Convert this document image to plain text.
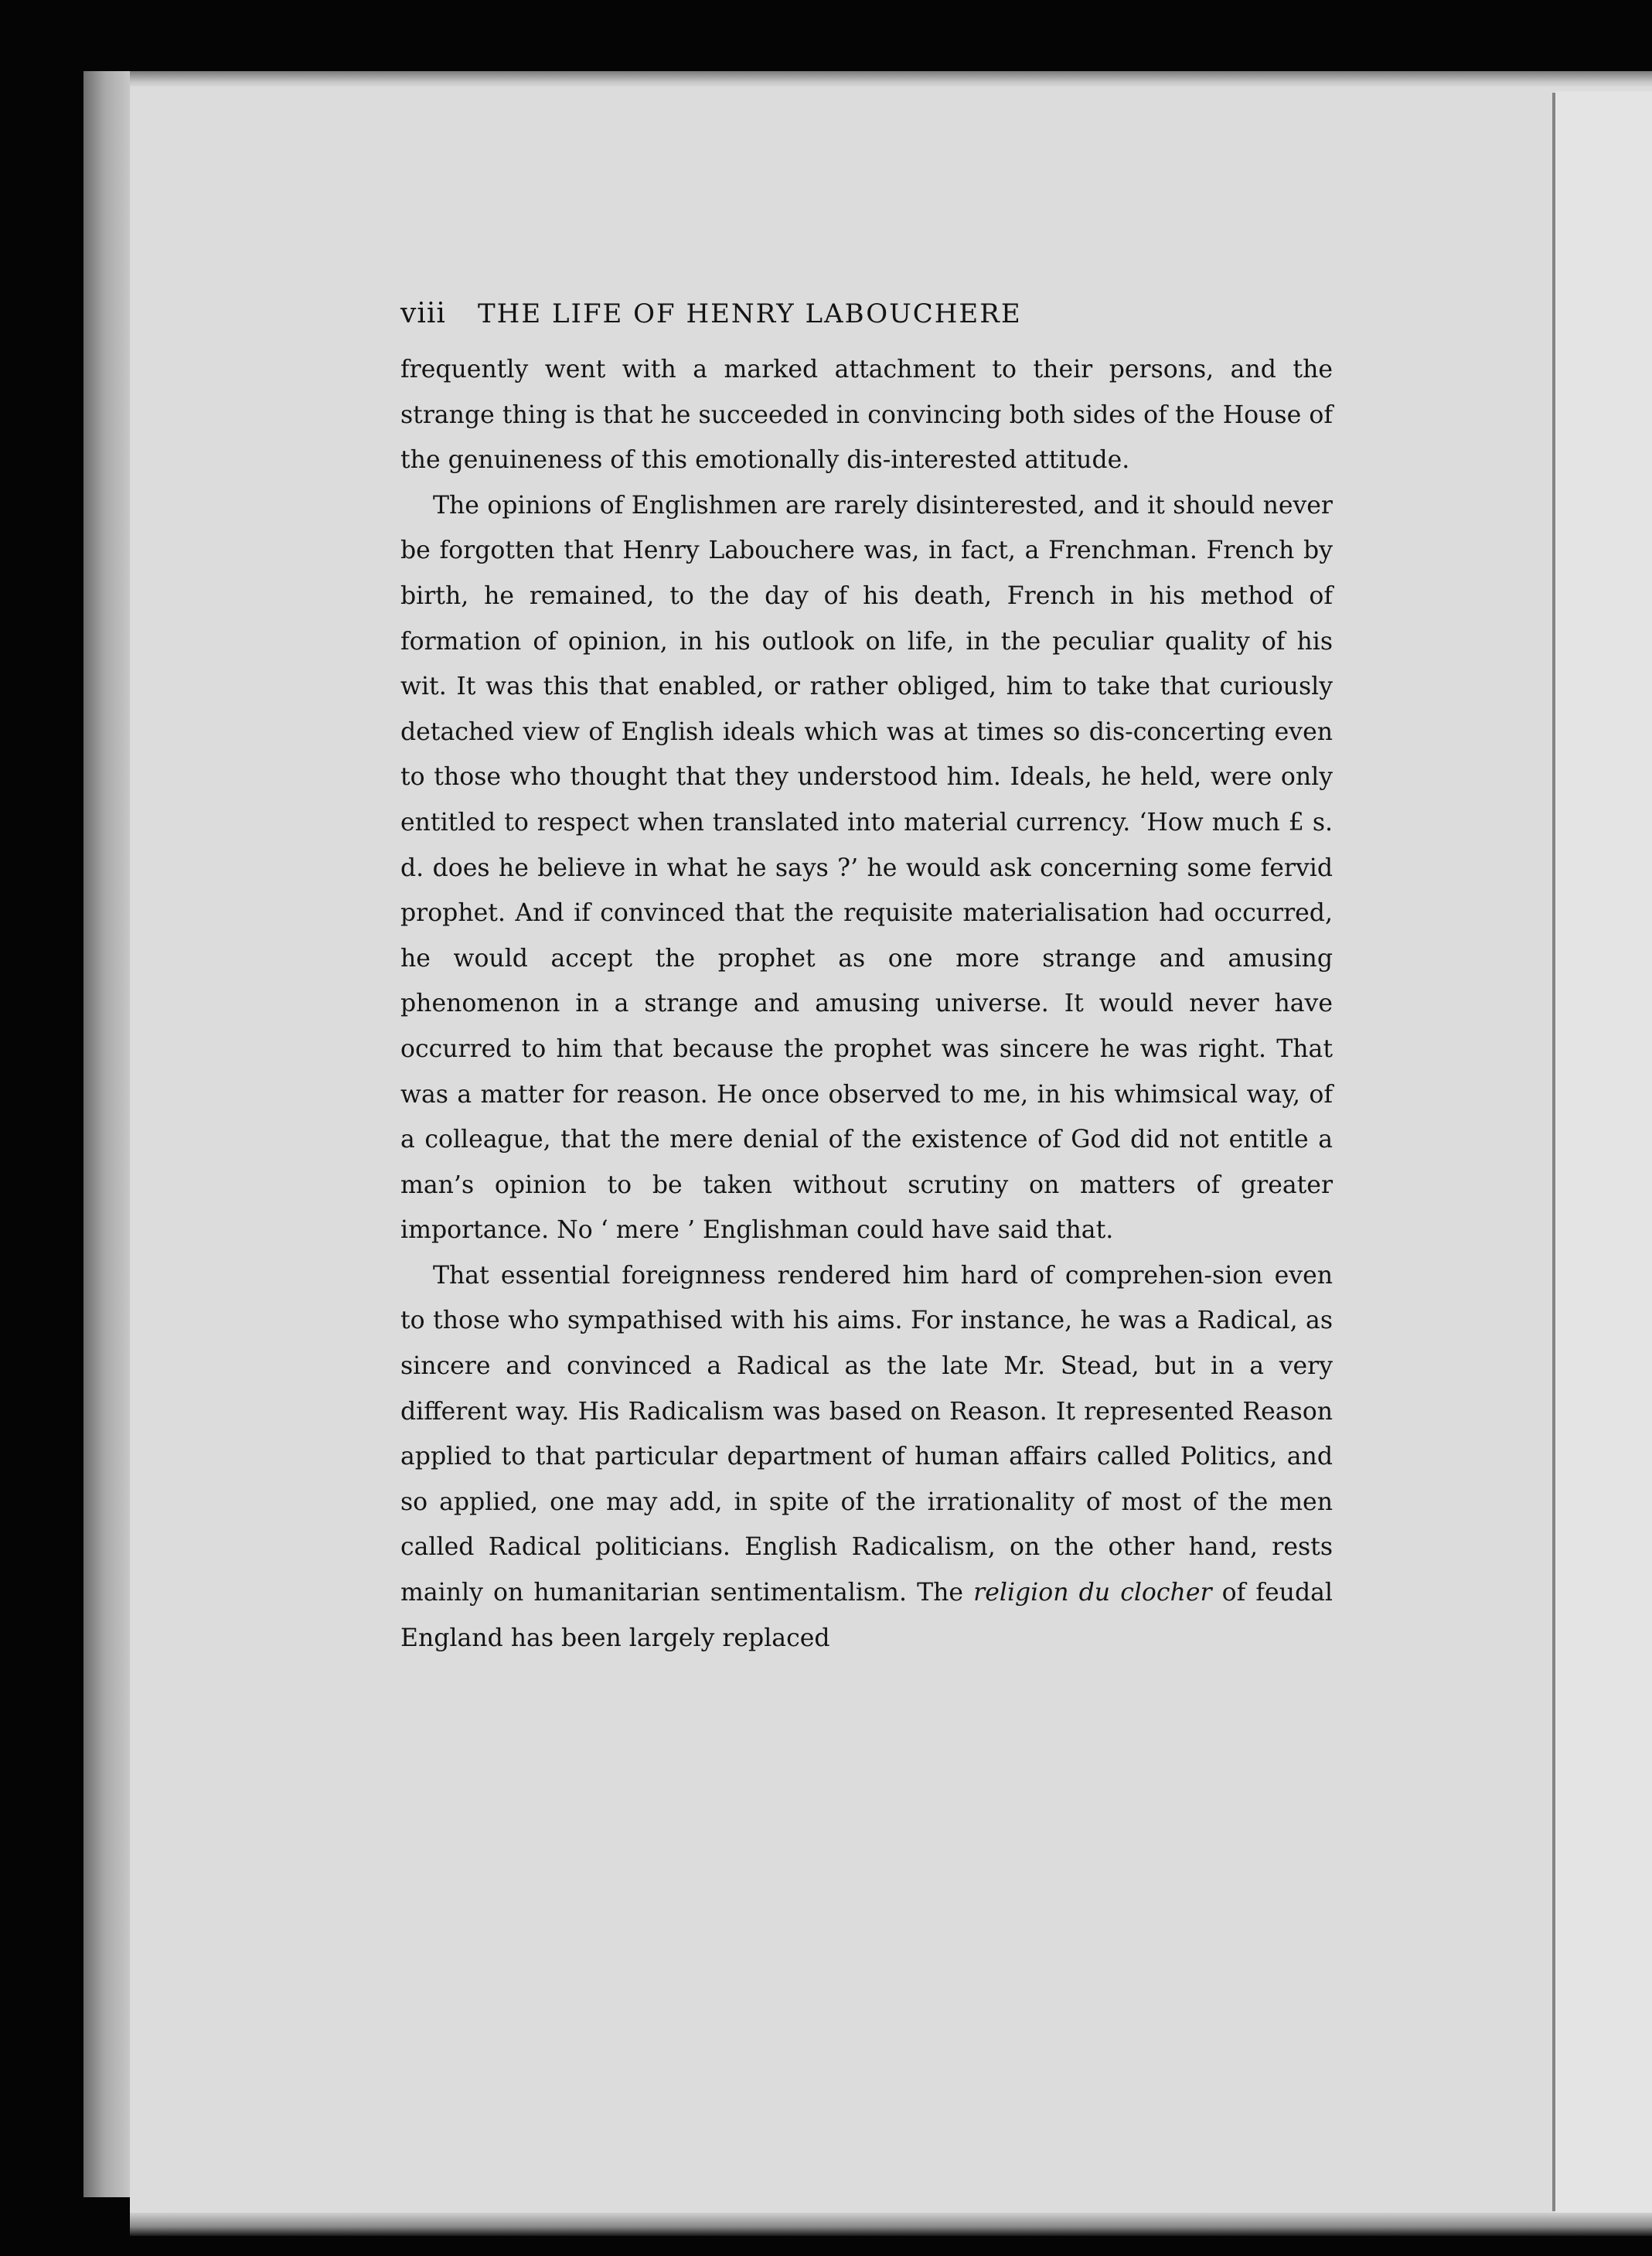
viii	THE LIFE OF HENRY LABOUCHERE

frequently went with a marked attachment to their persons, and the strange thing is that he succeeded in convincing both sides of the House of the genuineness of this emotionally dis-interested attitude.

The opinions of Englishmen are rarely disinterested, and it should never be forgotten that Henry Labouchere was, in fact, a Frenchman. French by birth, he remained, to the day of his death, French in his method of formation of opinion, in his outlook on life, in the peculiar quality of his wit. It was this that enabled, or rather obliged, him to take that curiously detached view of English ideals which was at times so dis-concerting even to those who thought that they understood him. Ideals, he held, were only entitled to respect when translated into material currency. ‘How much £ s. d. does he believe in what he says ?’ he would ask concerning some fervid prophet. And if convinced that the requisite materialisation had occurred, he would accept the prophet as one more strange and amusing phenomenon in a strange and amusing universe. It would never have occurred to him that because the prophet was sincere he was right. That was a matter for reason. He once observed to me, in his whimsical way, of a colleague, that the mere denial of the existence of God did not entitle a man’s opinion to be taken without scrutiny on matters of greater importance. No ‘ mere ’ Englishman could have said that.

That essential foreignness rendered him hard of comprehen-sion even to those who sympathised with his aims. For instance, he was a Radical, as sincere and convinced a Radical as the late Mr. Stead, but in a very different way. His Radicalism was based on Reason. It represented Reason applied to that particular department of human affairs called Politics, and so applied, one may add, in spite of the irrationality of most of the men called Radical politicians. English Radicalism, on the other hand, rests mainly on humanitarian sentimentalism. The religion du clocher of feudal England has been largely replaced
